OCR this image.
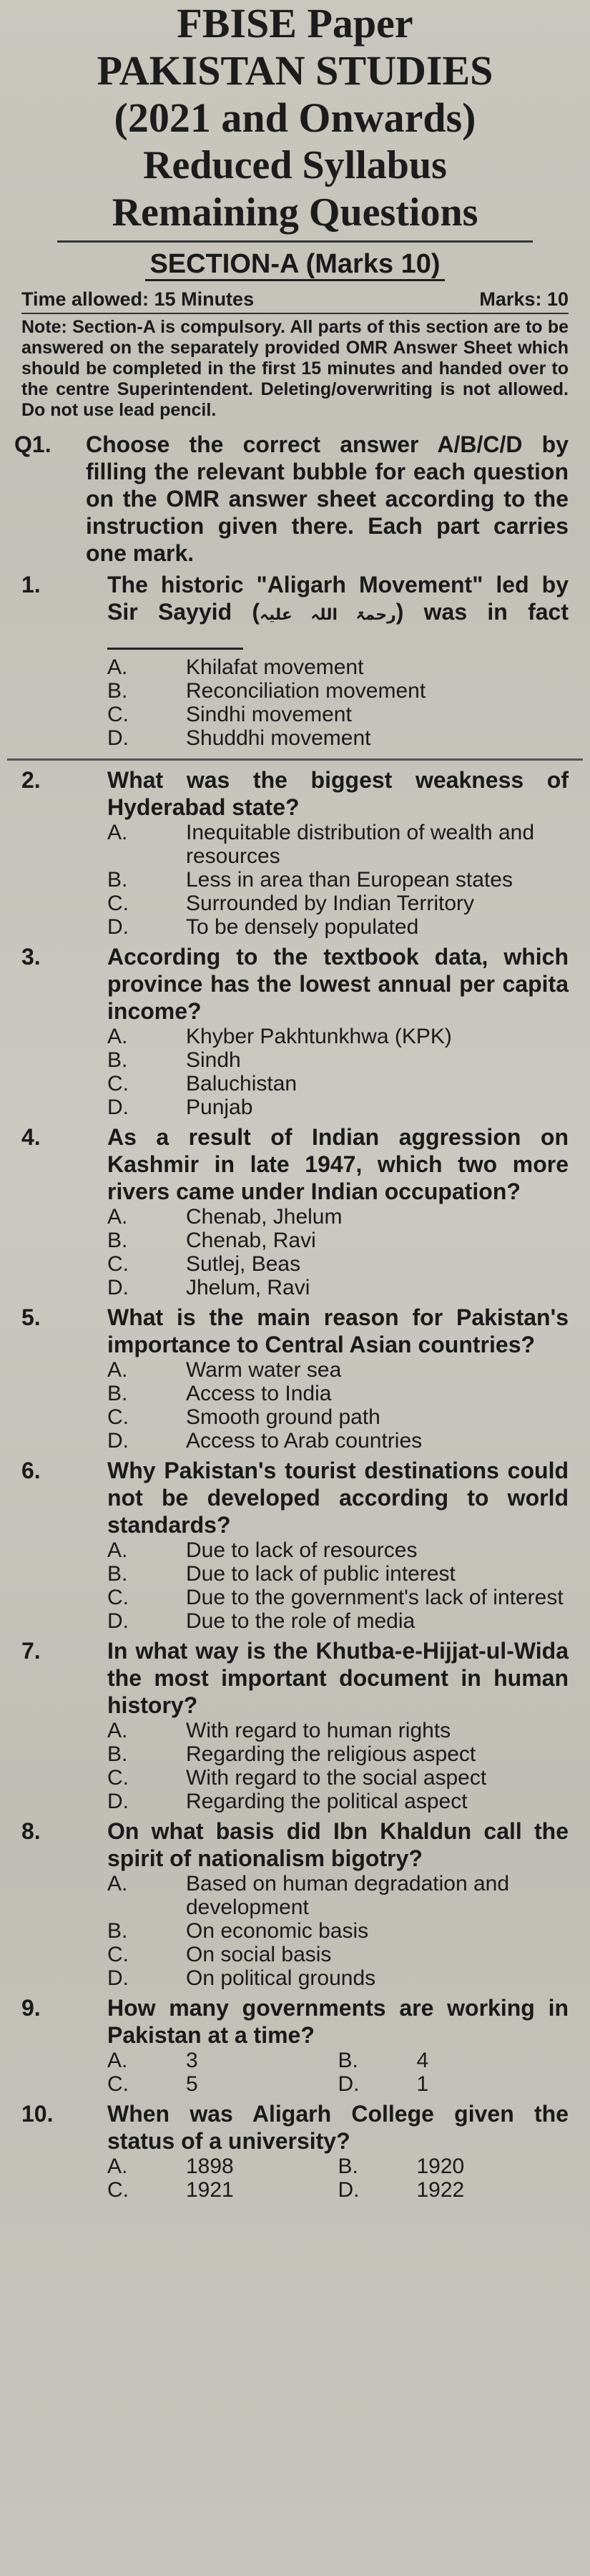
FBISE Paper
PAKISTAN STUDIES
(2021 and Onwards)
Reduced Syllabus
Remaining Questions
SECTION-A (Marks 10)
Time allowed: 15 Minutes	Marks: 10
Note: Section-A is compulsory. All parts of this section are to be answered on the separately provided OMR Answer Sheet which should be completed in the first 15 minutes and handed over to the centre Superintendent. Deleting/overwriting is not allowed. Do not use lead pencil.
Q1.	Choose the correct answer A/B/C/D by filling the relevant bubble for each question on the OMR answer sheet according to the instruction given there. Each part carries one mark.
1.	The historic "Aligarh Movement" led by Sir Sayyid (رحمۃ اللہ علیہ) was in fact
A.	Khilafat movement
B.	Reconciliation movement
C.	Sindhi movement
D.	Shuddhi movement
2.	What was the biggest weakness of Hyderabad state?
A.	Inequitable distribution of wealth and resources
B.	Less in area than European states
C.	Surrounded by Indian Territory
D.	To be densely populated
3.	According to the textbook data, which province has the lowest annual per capita income?
A.	Khyber Pakhtunkhwa (KPK)
B.	Sindh
C.	Baluchistan
D.	Punjab
4.	As a result of Indian aggression on Kashmir in late 1947, which two more rivers came under Indian occupation?
A.	Chenab, Jhelum
B.	Chenab, Ravi
C.	Sutlej, Beas
D.	Jhelum, Ravi
5.	What is the main reason for Pakistan's importance to Central Asian countries?
A.	Warm water sea
B.	Access to India
C.	Smooth ground path
D.	Access to Arab countries
6.	Why Pakistan's tourist destinations could not be developed according to world standards?
A.	Due to lack of resources
B.	Due to lack of public interest
C.	Due to the government's lack of interest
D.	Due to the role of media
7.	In what way is the Khutba-e-Hijjat-ul-Wida the most important document in human history?
A.	With regard to human rights
B.	Regarding the religious aspect
C.	With regard to the social aspect
D.	Regarding the political aspect
8.	On what basis did Ibn Khaldun call the spirit of nationalism bigotry?
A.	Based on human degradation and development
B.	On economic basis
C.	On social basis
D.	On political grounds
9.	How many governments are working in Pakistan at a time?
A.	3	B.	4
C.	5	D.	1
10.	When was Aligarh College given the status of a university?
A.	1898	B.	1920
C.	1921	D.	1922
